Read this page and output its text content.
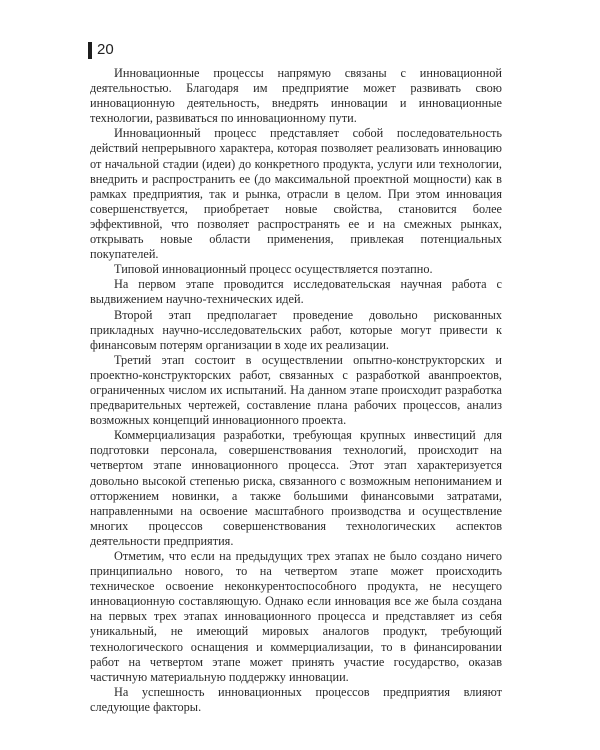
20

Инновационные процессы напрямую связаны с инновационной деятельностью. Благодаря им предприятие может развивать свою инновационную деятельность, внедрять инновации и инновационные технологии, развиваться по инновационному пути.

Инновационный процесс представляет собой последовательность действий непрерывного характера, которая позволяет реализовать инновацию от начальной стадии (идеи) до конкретного продукта, услуги или технологии, внедрить и распространить ее (до максимальной проектной мощности) как в рамках предприятия, так и рынка, отрасли в целом. При этом инновация совершенствуется, приобретает новые свойства, становится более эффективной, что позволяет распространять ее и на смежных рынках, открывать новые области применения, привлекая потенциальных покупателей.

Типовой инновационный процесс осуществляется поэтапно.

На первом этапе проводится исследовательская научная работа с выдвижением научно-технических идей.

Второй этап предполагает проведение довольно рискованных прикладных научно-исследовательских работ, которые могут привести к финансовым потерям организации в ходе их реализации.

Третий этап состоит в осуществлении опытно-конструкторских и проектно-конструкторских работ, связанных с разработкой аванпроектов, ограниченных числом их испытаний. На данном этапе происходит разработка предварительных чертежей, составление плана рабочих процессов, анализ возможных концепций инновационного проекта.

Коммерциализация разработки, требующая крупных инвестиций для подготовки персонала, совершенствования технологий, происходит на четвертом этапе инновационного процесса. Этот этап характеризуется довольно высокой степенью риска, связанного с возможным непониманием и отторжением новинки, а также большими финансовыми затратами, направленными на освоение масштабного производства и осуществление многих процессов совершенствования технологических аспектов деятельности предприятия.

Отметим, что если на предыдущих трех этапах не было создано ничего принципиально нового, то на четвертом этапе может происходить техническое освоение неконкурентоспособного продукта, не несущего инновационную составляющую. Однако если инновация все же была создана на первых трех этапах инновационного процесса и представляет из себя уникальный, не имеющий мировых аналогов продукт, требующий технологического оснащения и коммерциализации, то в финансировании работ на четвертом этапе может принять участие государство, оказав частичную материальную поддержку инновации.

На успешность инновационных процессов предприятия влияют следующие факторы.
